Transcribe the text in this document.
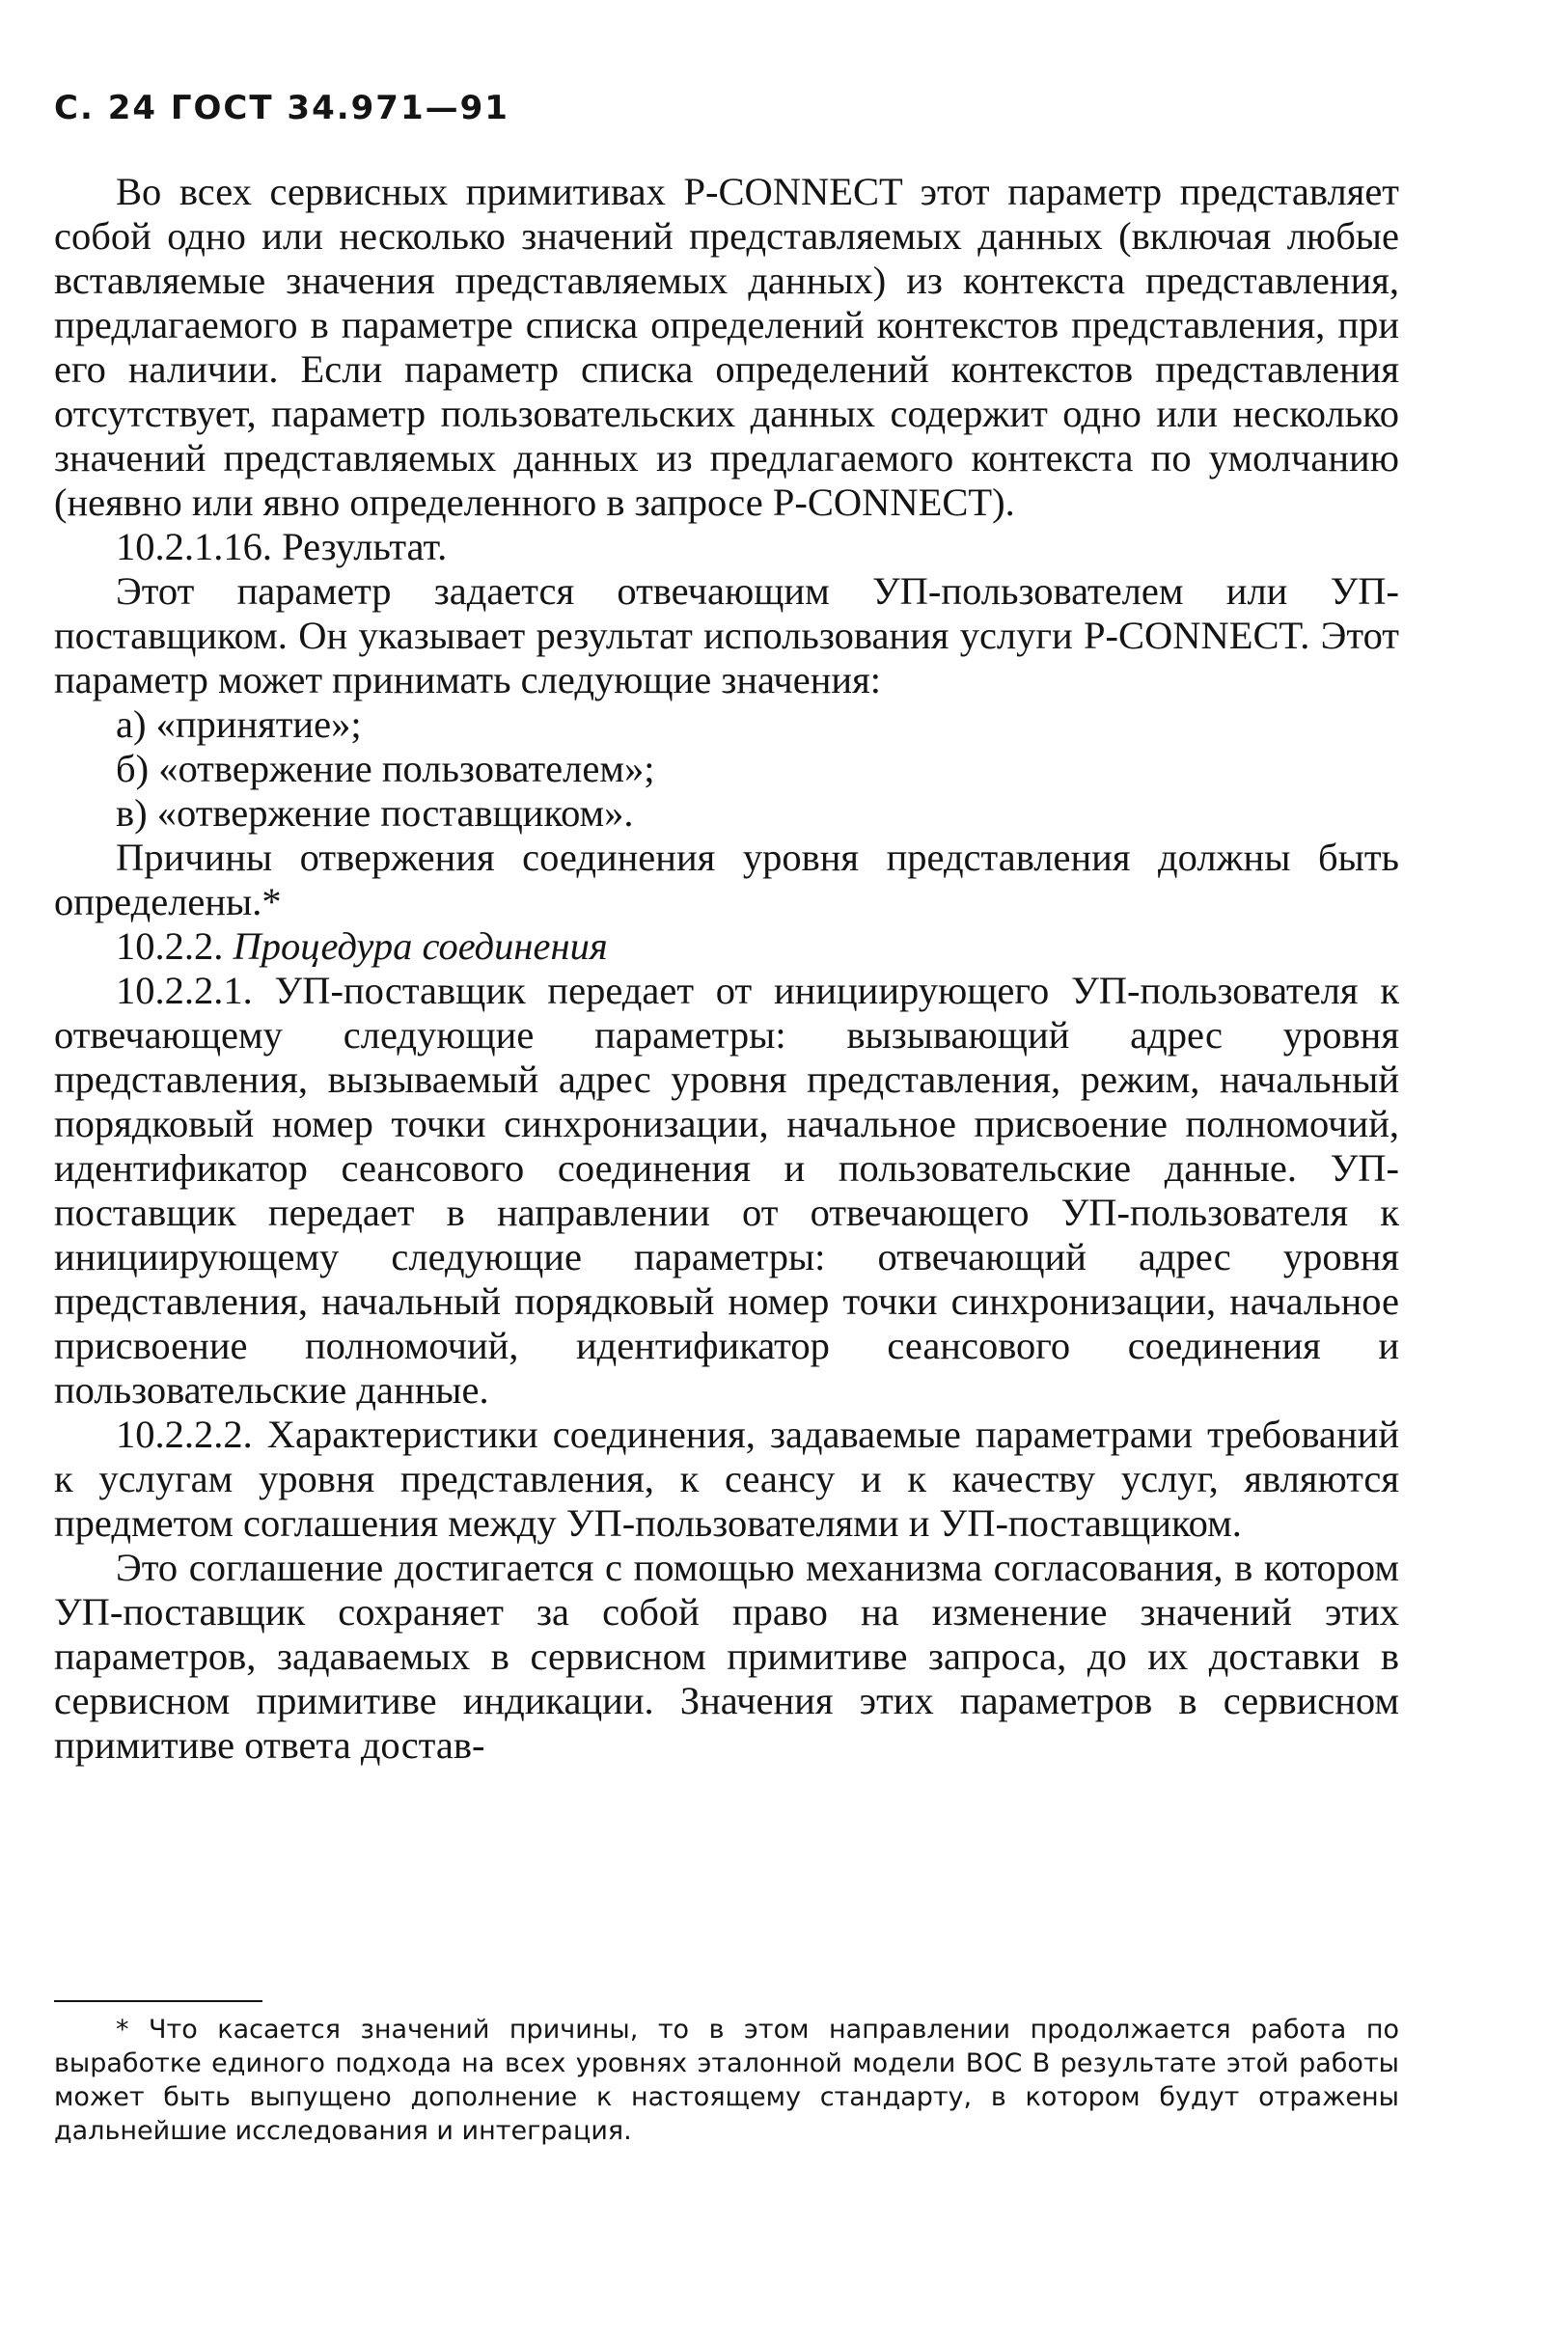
С. 24 ГОСТ 34.971—91

Во всех сервисных примитивах P-CONNECT этот параметр представляет собой одно или несколько значений представляемых данных (включая любые вставляемые значения представляемых данных) из контекста представления, предлагаемого в параметре списка определений контекстов представления, при его наличии. Если параметр списка определений контекстов представления отсутствует, параметр пользовательских данных содержит одно или несколько значений представляемых данных из предлагаемого контекста по умолчанию (неявно или явно определенного в запросе P-CONNECT).

10.2.1.16. Результат.

Этот параметр задается отвечающим УП-пользователем или УП-поставщиком. Он указывает результат использования услуги P-CONNECT. Этот параметр может принимать следующие значения:

а) «принятие»;

б) «отвержение пользователем»;

в) «отвержение поставщиком».

Причины отвержения соединения уровня представления должны быть определены.*

10.2.2. Процедура соединения

10.2.2.1. УП-поставщик передает от инициирующего УП-пользователя к отвечающему следующие параметры: вызывающий адрес уровня представления, вызываемый адрес уровня представления, режим, начальный порядковый номер точки синхронизации, начальное присвоение полномочий, идентификатор сеансового соединения и пользовательские данные. УП-поставщик передает в направлении от отвечающего УП-пользователя к инициирующему следующие параметры: отвечающий адрес уровня представления, начальный порядковый номер точки синхронизации, начальное присвоение полномочий, идентификатор сеансового соединения и пользовательские данные.

10.2.2.2. Характеристики соединения, задаваемые параметрами требований к услугам уровня представления, к сеансу и к качеству услуг, являются предметом соглашения между УП-пользователями и УП-поставщиком.

Это соглашение достигается с помощью механизма согласования, в котором УП-поставщик сохраняет за собой право на изменение значений этих параметров, задаваемых в сервисном примитиве запроса, до их доставки в сервисном примитиве индикации. Значения этих параметров в сервисном примитиве ответа достав-

* Что касается значений причины, то в этом направлении продолжается работа по выработке единого подхода на всех уровнях эталонной модели ВОС В результате этой работы может быть выпущено дополнение к настоящему стандарту, в котором будут отражены дальнейшие исследования и интеграция.
